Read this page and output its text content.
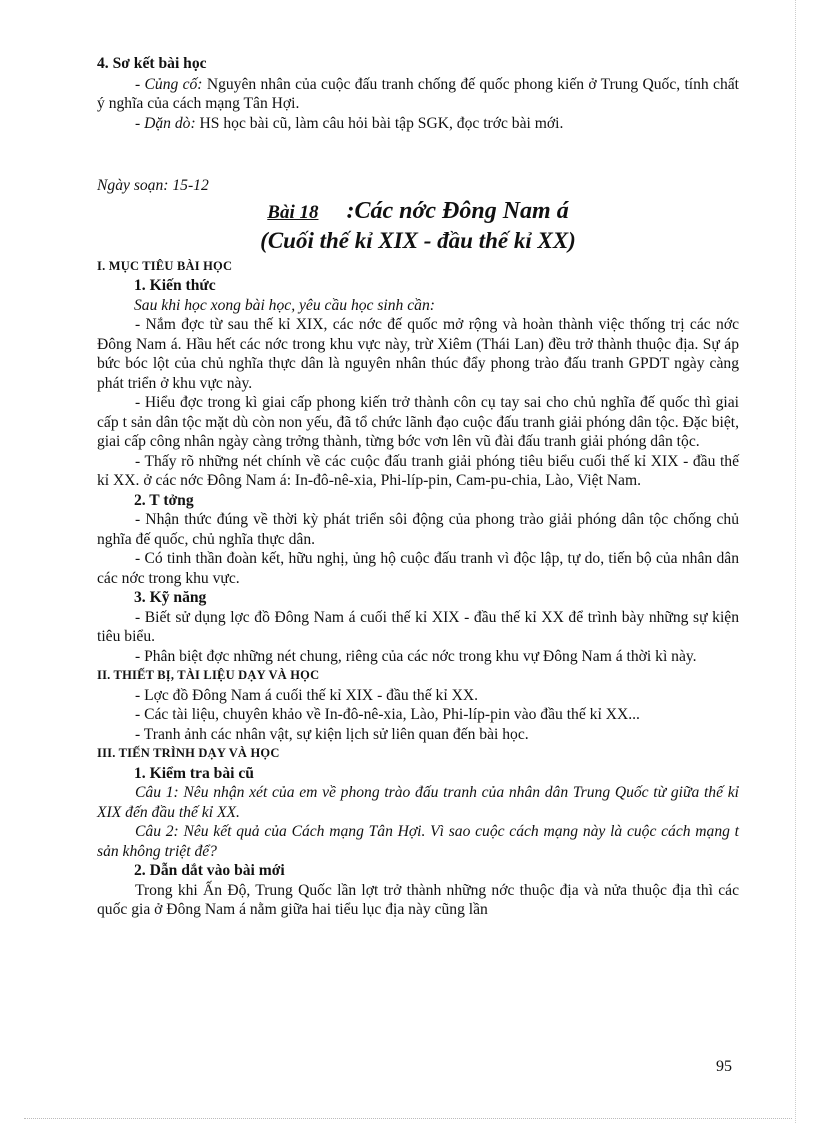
4. Sơ kết bài học
- Củng cố: Nguyên nhân của cuộc đấu tranh chống đế quốc phong kiến ở Trung Quốc, tính chất ý nghĩa của cách mạng Tân Hợi.
- Dặn dò: HS học bài cũ, làm câu hỏi bài tập SGK, đọc trớc bài mới.
Ngày soạn: 15-12
Bài 18 :Các nớc Đông Nam á
(Cuối thế kỉ XIX - đầu thế kỉ XX)
I. MỤC TIÊU BÀI HỌC
1. Kiến thức
Sau khi học xong bài học, yêu cầu học sinh cần:
- Nắm đợc từ sau thế kỉ XIX, các nớc đế quốc mở rộng và hoàn thành việc thống trị các nớc Đông Nam á. Hầu hết các nớc trong khu vực này, trừ Xiêm (Thái Lan) đều trở thành thuộc địa. Sự áp bức bóc lột của chủ nghĩa thực dân là nguyên nhân thúc đẩy phong trào đấu tranh GPDT ngày càng phát triển ở khu vực này.
- Hiểu đợc trong kì giai cấp phong kiến trở thành côn cụ tay sai cho chủ nghĩa đế quốc thì giai cấp t sản dân tộc mặt dù còn non yếu, đã tổ chức lãnh đạo cuộc đấu tranh giải phóng dân tộc. Đặc biệt, giai cấp công nhân ngày càng trởng thành, từng bớc vơn lên vũ đài đấu tranh giải phóng dân tộc.
- Thấy rõ những nét chính về các cuộc đấu tranh giải phóng tiêu biểu cuối thế kỉ XIX - đầu thế kỉ XX. ở các nớc Đông Nam á: In-đô-nê-xia, Phi-líp-pin, Cam-pu-chia, Lào, Việt Nam.
2. T tởng
- Nhận thức đúng về thời kỳ phát triển sôi động của phong trào giải phóng dân tộc chống chủ nghĩa đế quốc, chủ nghĩa thực dân.
- Có tinh thần đoàn kết, hữu nghị, ủng hộ cuộc đấu tranh vì độc lập, tự do, tiến bộ của nhân dân các nớc trong khu vực.
3. Kỹ năng
- Biết sử dụng lợc đồ Đông Nam á cuối thế kỉ XIX - đầu thế kỉ XX để trình bày những sự kiện tiêu biểu.
- Phân biệt đợc những nét chung, riêng của các nớc trong khu vự Đông Nam á thời kì này.
II. THIẾT BỊ, TÀI LIỆU DẠY VÀ HỌC
- Lợc đồ Đông Nam á cuối thế kỉ XIX - đầu thế kỉ XX.
- Các tài liệu, chuyên khảo về In-đô-nê-xia, Lào, Phi-líp-pin vào đầu thế kỉ XX...
- Tranh ảnh các nhân vật, sự kiện lịch sử liên quan đến bài học.
III. TIẾN TRÌNH DẠY VÀ HỌC
1. Kiểm tra bài cũ
Câu 1: Nêu nhận xét của em về phong trào đấu tranh của nhân dân Trung Quốc từ giữa thế kỉ XIX đến đầu thế kỉ XX.
Câu 2: Nêu kết quả của Cách mạng Tân Hợi. Vì sao cuộc cách mạng này là cuộc cách mạng t sản không triệt để?
2. Dẫn dắt vào bài mới
Trong khi Ấn Độ, Trung Quốc lần lợt trở thành những nớc thuộc địa và nửa thuộc địa thì các quốc gia ở Đông Nam á nằm giữa hai tiểu lục địa này cũng lần
95
